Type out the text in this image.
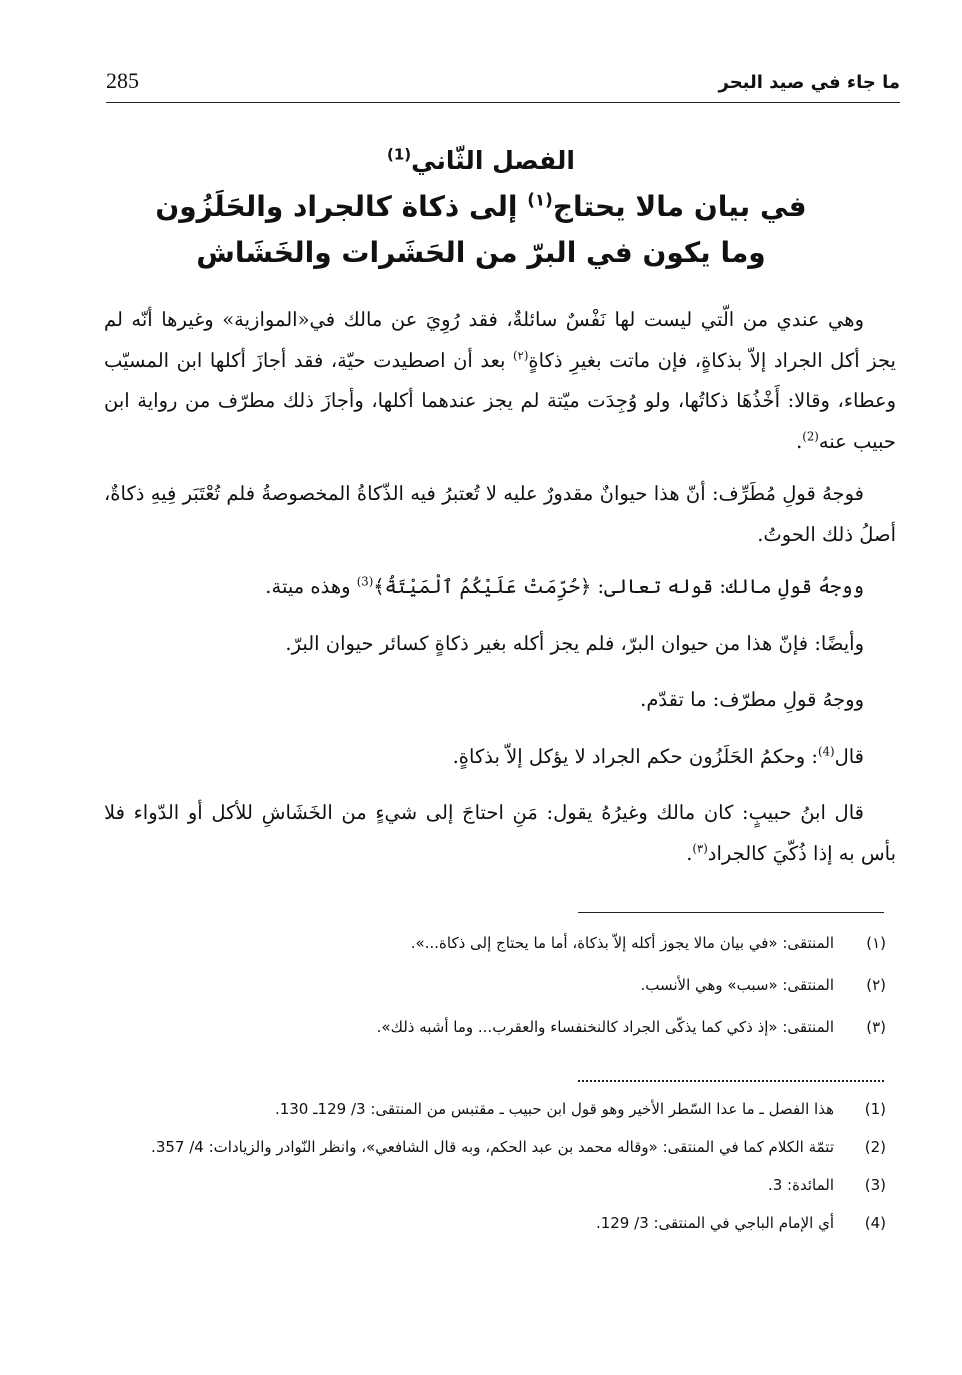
285	ما جاء في صيد البحر

الفصل الثّاني$^{(1)}$

في بيان مالا يحتاج$^{(١)}$ إلى ذكاة كالجراد والحَلَزُون

وما يكون في البرّ من الحَشَرات والخَشَاش

وهي عندي من الّتي ليست لها نَفْسٌ سائلةٌ، فقد رُوِيَ عن مالك في«الموازية» وغيرها أنّه لم يجز أكل الجراد إلاّ بذكاةٍ، فإن ماتت بغيرِ ذكاةٍ$^{(٢)}$ بعد أن اصطيدت حيّة، فقد أجازَ أكلها ابن المسيّب وعطاء، وقالا: أَخْذُهَا ذكاتُها، ولو وُجِدَت ميّتة لم يجز عندهما أكلها، وأجازَ ذلك مطرّف من رواية ابن حبيب عنه$^{(2)}$.

فوجهُ قولِ مُطَرِّف: أنّ هذا حيوانٌ مقدورٌ عليه لا تُعتبرُ فيه الذّكاةُ المخصوصةُ فلم تُعْتَبَر فِيهِ ذكاةٌ، أصلُ ذلك الحوتُ.

ووجهُ قولِ مالك: قوله تعالى: ﴿حُرِّمَتْ عَلَيْكُمُ ٱلْمَيْتَةُ﴾$^{(3)}$ وهذه ميتة.

وأيضًا: فإنّ هذا من حيوان البرّ، فلم يجز أكله بغير ذكاةٍ كسائر حيوان البرّ.

ووجهُ قولِ مطرّف: ما تقدّم.

قال$^{(4)}$: وحكمُ الحَلَزُون حكم الجراد لا يؤكل إلاّ بذكاةٍ.

قال ابنُ حبيبٍ: كان مالك وغيرُهُ يقول: مَنِ احتاجَ إلى شيءٍ من الخَشَاشِ للأكل أو الدّواء فلا بأس به إذا ذُكّيَ كالجراد$^{(٣)}$.

(١)
المنتقى: «في بيان مالا يجوز أكله إلاّ بذكاة، أما ما يحتاج إلى ذكاة...».
(٢)
المنتقى: «سبب» وهي الأنسب.
(٣)
المنتقى: «إذ ذكي كما يذكّى الجراد كالنخنفساء والعقرب... وما أشبه ذلك».
(1)
هذا الفصل ـ ما عدا السّطر الأخير وهو قول ابن حبيب ـ مقتبس من المنتقى: 3/ 129ـ 130.
(2)
تتمّة الكلام كما في المنتقى: «وقاله محمد بن عبد الحكم، وبه قال الشافعي»، وانظر النّوادر والزيادات: 4/ 357.
(3)
المائدة: 3.
(4)
أي الإمام الباجي في المنتقى: 3/ 129.
